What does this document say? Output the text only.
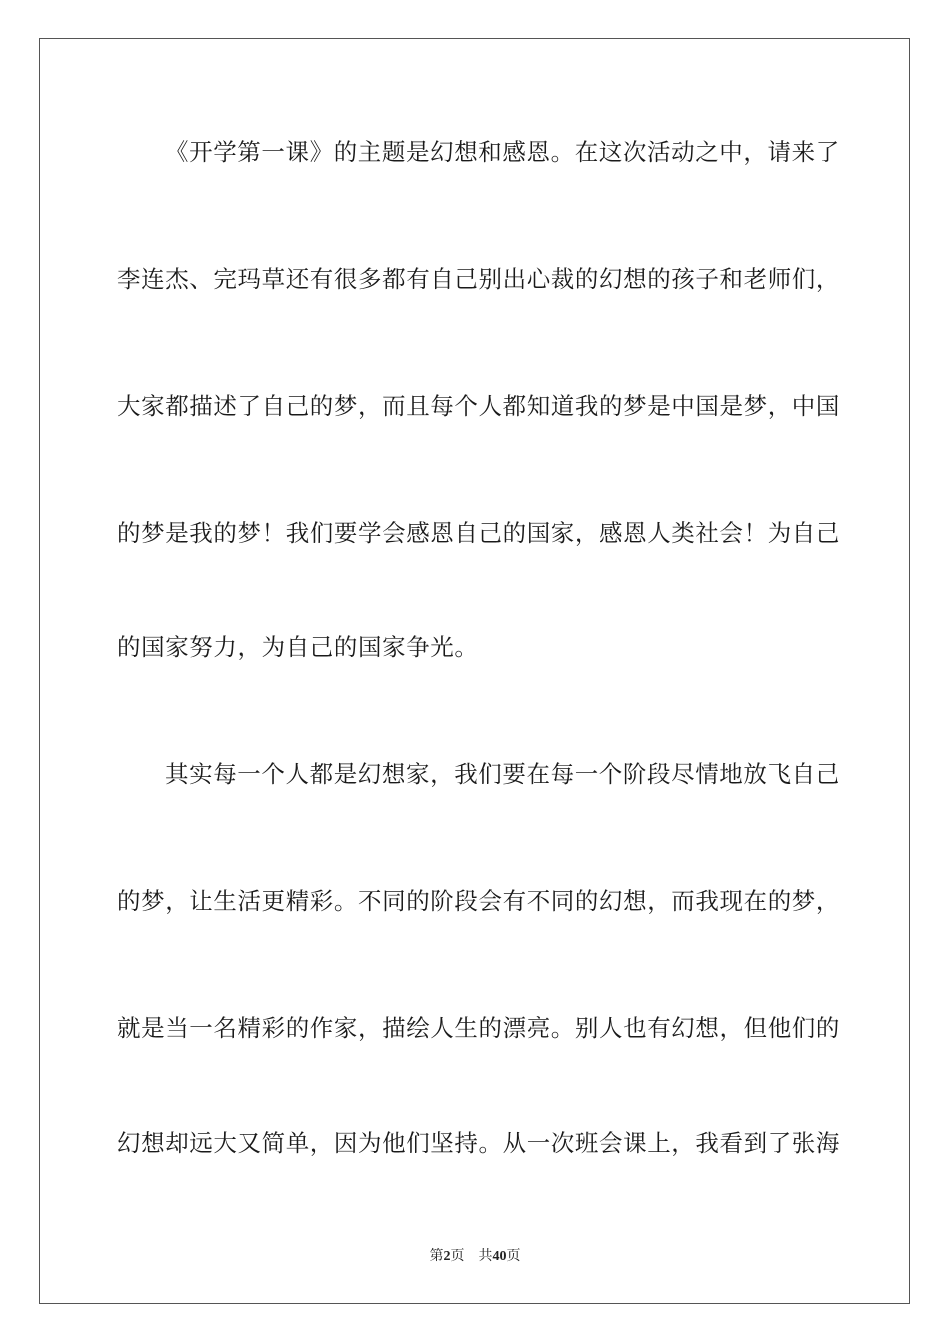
《开学第一课》的主题是幻想和感恩。在这次活动之中，请来了
李连杰、完玛草还有很多都有自己别出心裁的幻想的孩子和老师们，
大家都描述了自己的梦，而且每个人都知道我的梦是中国是梦，中国
的梦是我的梦！我们要学会感恩自己的国家，感恩人类社会！为自己
的国家努力，为自己的国家争光。
其实每一个人都是幻想家，我们要在每一个阶段尽情地放飞自己
的梦，让生活更精彩。不同的阶段会有不同的幻想，而我现在的梦，
就是当一名精彩的作家，描绘人生的漂亮。别人也有幻想，但他们的
幻想却远大又简单，因为他们坚持。从一次班会课上，我看到了张海
第2页 共40页
